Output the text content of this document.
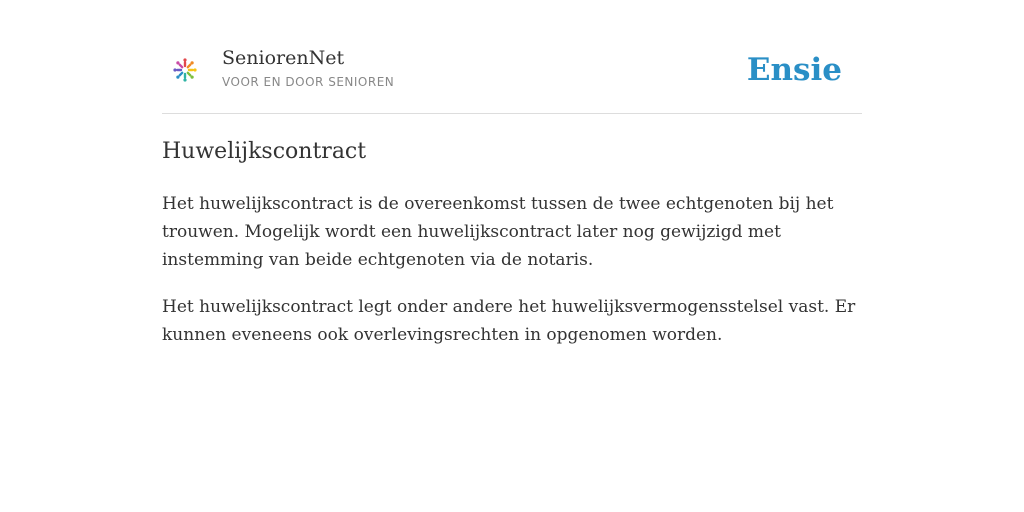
SeniorenNet
VOOR EN DOOR SENIOREN	Ensie
Huwelijkscontract

Het huwelijkscontract is de overeenkomst tussen de twee echtgenoten bij het trouwen. Mogelijk wordt een huwelijkscontract later nog gewijzigd met instemming van beide echtgenoten via de notaris.

Het huwelijkscontract legt onder andere het huwelijksvermogensstelsel vast. Er kunnen eveneens ook overlevingsrechten in opgenomen worden.
